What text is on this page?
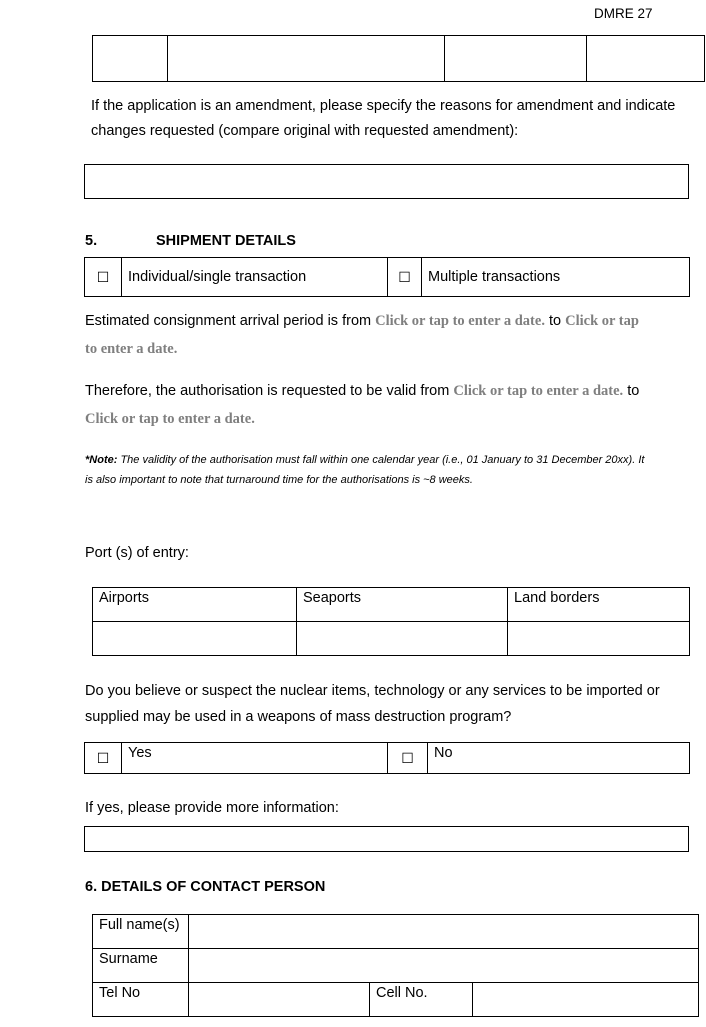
DMRE 27

If the application is an amendment, please specify the reasons for amendment and indicate
changes requested (compare original with requested amendment):
5.	SHIPMENT DETAILS
☐	Individual/single transaction	☐	Multiple transactions
Estimated consignment arrival period is from Click or tap to enter a date. to Click or tap
to enter a date.
Therefore, the authorisation is requested to be valid from Click or tap to enter a date. to
Click or tap to enter a date.
*Note: The validity of the authorisation must fall within one calendar year (i.e., 01 January to 31 December 20xx). It
is also important to note that turnaround time for the authorisations is ~8 weeks.
Port (s) of entry:
Airports	Seaports	Land borders

Do you believe or suspect the nuclear items, technology or any services to be imported or
supplied may be used in a weapons of mass destruction program?
☐	Yes	☐	No
If yes, please provide more information:
6. DETAILS OF CONTACT PERSON
Full name(s)			

Surname			

Tel No		Cell No.	
